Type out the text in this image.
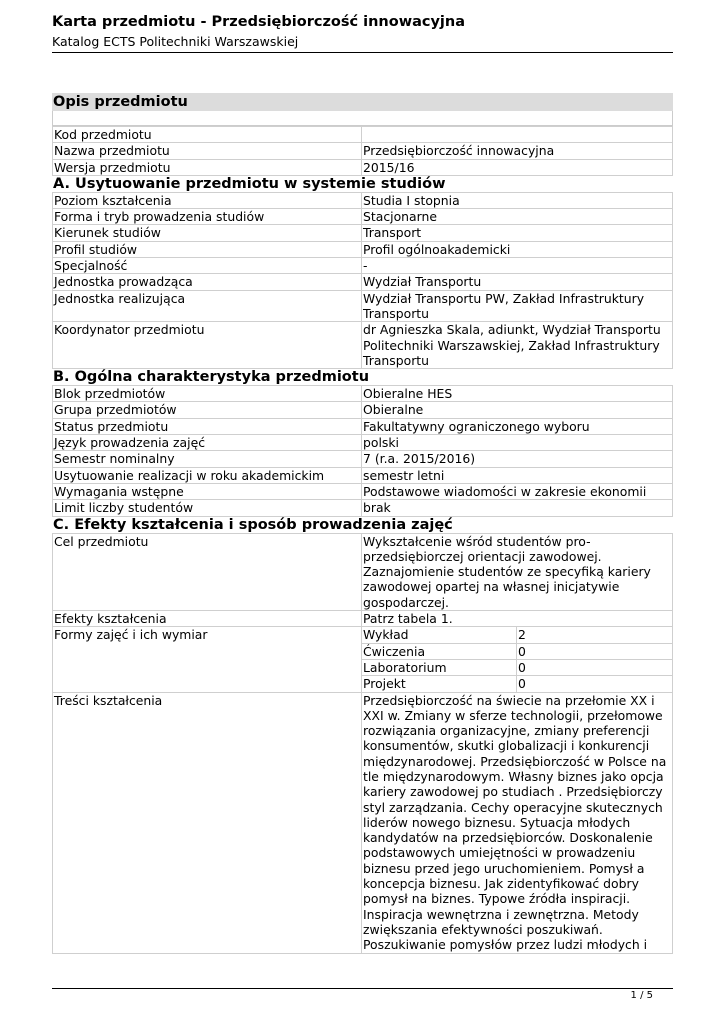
Karta przedmiotu - Przedsiębiorczość innowacyjna
Katalog ECTS Politechniki Warszawskiej
Opis przedmiotu
Kod przedmiotu
Nazwa przedmiotu	Przedsiębiorczość innowacyjna
Wersja przedmiotu	2015/16
A. Usytuowanie przedmiotu w systemie studiów
Poziom kształcenia	Studia I stopnia
Forma i tryb prowadzenia studiów	Stacjonarne
Kierunek studiów	Transport
Profil studiów	Profil ogólnoakademicki
Specjalność	-
Jednostka prowadząca	Wydział Transportu
Jednostka realizująca	Wydział Transportu PW, Zakład Infrastruktury Transportu
Koordynator przedmiotu	dr Agnieszka Skala, adiunkt, Wydział Transportu Politechniki Warszawskiej, Zakład Infrastruktury Transportu
B. Ogólna charakterystyka przedmiotu
Blok przedmiotów	Obieralne HES
Grupa przedmiotów	Obieralne
Status przedmiotu	Fakultatywny ograniczonego wyboru
Język prowadzenia zajęć	polski
Semestr nominalny	7 (r.a. 2015/2016)
Usytuowanie realizacji w roku akademickim	semestr letni
Wymagania wstępne	Podstawowe wiadomości w zakresie ekonomii
Limit liczby studentów	brak
C. Efekty kształcenia i sposób prowadzenia zajęć
Cel przedmiotu	Wykształcenie wśród studentów pro-przedsiębiorczej orientacji zawodowej. Zaznajomienie studentów ze specyfiką kariery zawodowej opartej na własnej inicjatywie gospodarczej.
Efekty kształcenia	Patrz tabela 1.
Formy zajęć i ich wymiar	Wykład	2
Ćwiczenia	0
Laboratorium	0
Projekt	0
Treści kształcenia	Przedsiębiorczość na świecie na przełomie XX i XXI w. Zmiany w sferze technologii, przełomowe rozwiązania organizacyjne, zmiany preferencji konsumentów, skutki globalizacji i konkurencji międzynarodowej. Przedsiębiorczość w Polsce na tle międzynarodowym. Własny biznes jako opcja kariery zawodowej po studiach . Przedsiębiorczy styl zarządzania. Cechy operacyjne skutecznych liderów nowego biznesu. Sytuacja młodych kandydatów na przedsiębiorców. Doskonalenie podstawowych umiejętności w prowadzeniu biznesu przed jego uruchomieniem. Pomysł a koncepcja biznesu. Jak zidentyfikować dobry pomysł na biznes. Typowe źródła inspiracji. Inspiracja wewnętrzna i zewnętrzna. Metody zwiększania efektywności poszukiwań. Poszukiwanie pomysłów przez ludzi młodych i
1 / 5
